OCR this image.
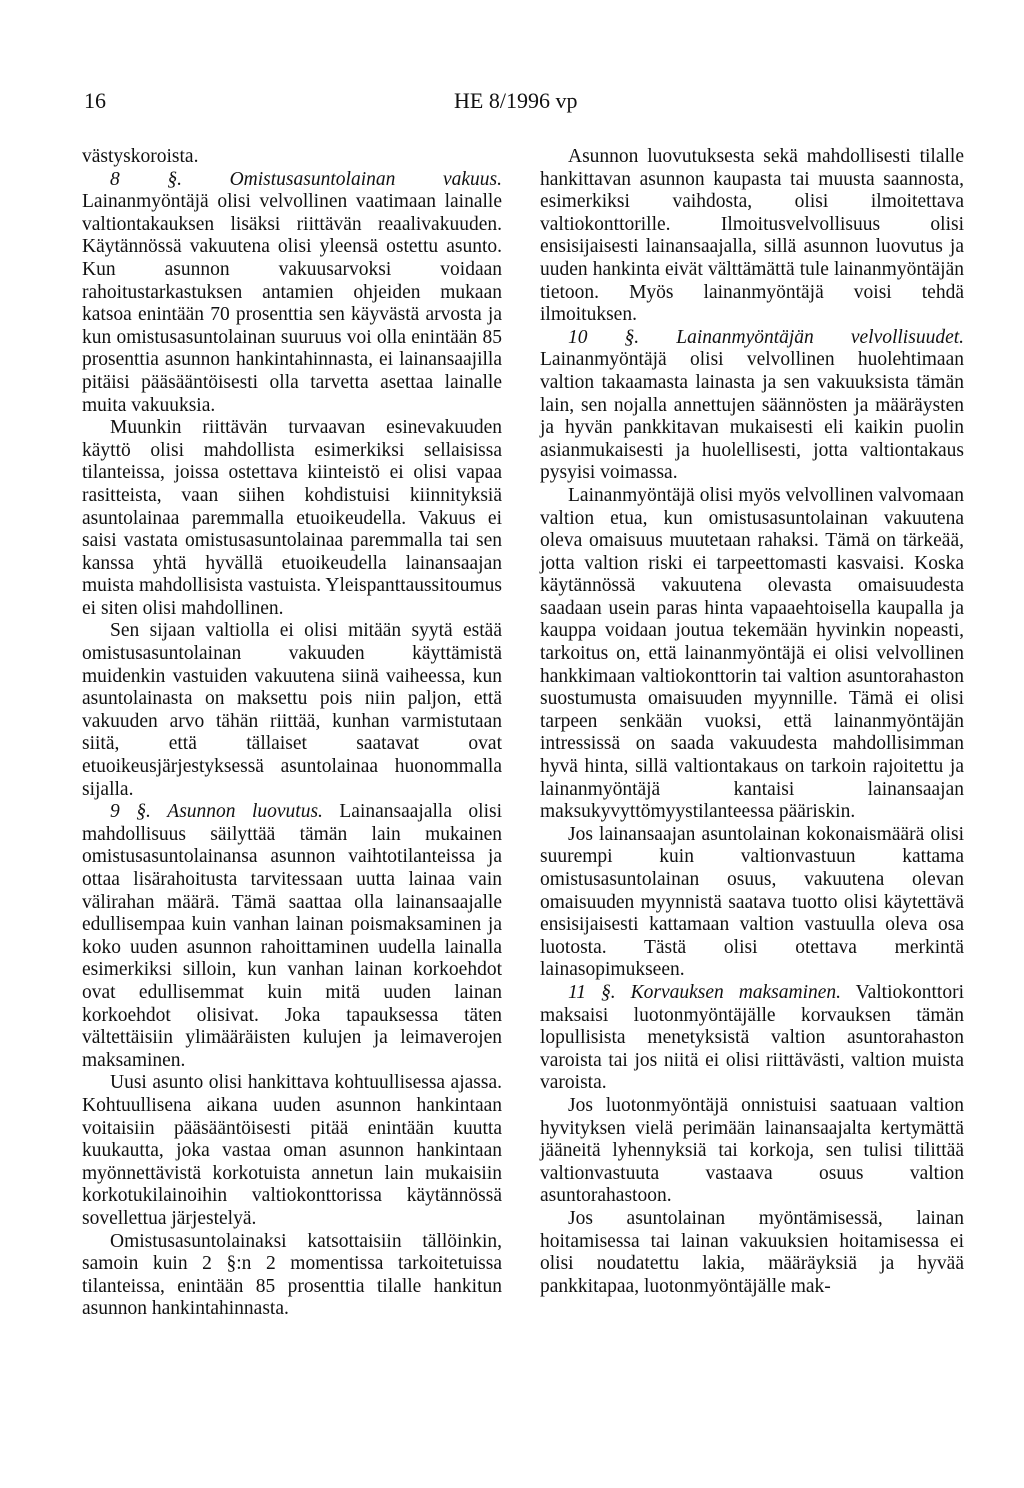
16	HE 8/1996 vp

västyskoroista.

8 §. Omistusasuntolainan vakuus. Lainanmyöntäjä olisi velvollinen vaatimaan lainalle valtiontakauksen lisäksi riittävän reaalivakuuden. Käytännössä vakuutena olisi yleensä ostettu asunto. Kun asunnon vakuusarvoksi voidaan rahoitustarkastuksen antamien ohjeiden mukaan katsoa enintään 70 prosenttia sen käyvästä arvosta ja kun omistusasuntolainan suuruus voi olla enintään 85 prosenttia asunnon hankintahinnasta, ei lainansaajilla pitäisi pääsääntöisesti olla tarvetta asettaa lainalle muita vakuuksia.

Muunkin riittävän turvaavan esinevakuuden käyttö olisi mahdollista esimerkiksi sellaisissa tilanteissa, joissa ostettava kiinteistö ei olisi vapaa rasitteista, vaan siihen kohdistuisi kiinnityksiä asuntolainaa paremmalla etuoikeudella. Vakuus ei saisi vastata omistusasuntolainaa paremmalla tai sen kanssa yhtä hyvällä etuoikeudella lainansaajan muista mahdollisista vastuista. Yleispanttaussitoumus ei siten olisi mahdollinen.

Sen sijaan valtiolla ei olisi mitään syytä estää omistusasuntolainan vakuuden käyttämistä muidenkin vastuiden vakuutena siinä vaiheessa, kun asuntolainasta on maksettu pois niin paljon, että vakuuden arvo tähän riittää, kunhan varmistutaan siitä, että tällaiset saatavat ovat etuoikeusjärjestyksessä asuntolainaa huonommalla sijalla.

9 §. Asunnon luovutus. Lainansaajalla olisi mahdollisuus säilyttää tämän lain mukainen omistusasuntolainansa asunnon vaihtotilanteissa ja ottaa lisärahoitusta tarvitessaan uutta lainaa vain välirahan määrä. Tämä saattaa olla lainansaajalle edullisempaa kuin vanhan lainan poismaksaminen ja koko uuden asunnon rahoittaminen uudella lainalla esimerkiksi silloin, kun vanhan lainan korkoehdot ovat edullisemmat kuin mitä uuden lainan korkoehdot olisivat. Joka tapauksessa täten vältettäisiin ylimääräisten kulujen ja leimaverojen maksaminen.

Uusi asunto olisi hankittava kohtuullisessa ajassa. Kohtuullisena aikana uuden asunnon hankintaan voitaisiin pääsääntöisesti pitää enintään kuutta kuukautta, joka vastaa oman asunnon hankintaan myönnettävistä korkotuista annetun lain mukaisiin korkotukilainoihin valtiokonttorissa käytännössä sovellettua järjestelyä.

Omistusasuntolainaksi katsottaisiin tällöinkin, samoin kuin 2 §:n 2 momentissa tarkoitetuissa tilanteissa, enintään 85 prosenttia tilalle hankitun asunnon hankintahinnasta.

Asunnon luovutuksesta sekä mahdollisesti tilalle hankittavan asunnon kaupasta tai muusta saannosta, esimerkiksi vaihdosta, olisi ilmoitettava valtiokonttorille. Ilmoitusvelvollisuus olisi ensisijaisesti lainansaajalla, sillä asunnon luovutus ja uuden hankinta eivät välttämättä tule lainanmyöntäjän tietoon. Myös lainanmyöntäjä voisi tehdä ilmoituksen.

10 §. Lainanmyöntäjän velvollisuudet. Lainanmyöntäjä olisi velvollinen huolehtimaan valtion takaamasta lainasta ja sen vakuuksista tämän lain, sen nojalla annettujen säännösten ja määräysten ja hyvän pankkitavan mukaisesti eli kaikin puolin asianmukaisesti ja huolellisesti, jotta valtiontakaus pysyisi voimassa.

Lainanmyöntäjä olisi myös velvollinen valvomaan valtion etua, kun omistusasuntolainan vakuutena oleva omaisuus muutetaan rahaksi. Tämä on tärkeää, jotta valtion riski ei tarpeettomasti kasvaisi. Koska käytännössä vakuutena olevasta omaisuudesta saadaan usein paras hinta vapaaehtoisella kaupalla ja kauppa voidaan joutua tekemään hyvinkin nopeasti, tarkoitus on, että lainanmyöntäjä ei olisi velvollinen hankkimaan valtiokonttorin tai valtion asuntorahaston suostumusta omaisuuden myynnille. Tämä ei olisi tarpeen senkään vuoksi, että lainanmyöntäjän intressissä on saada vakuudesta mahdollisimman hyvä hinta, sillä valtiontakaus on tarkoin rajoitettu ja lainanmyöntäjä kantaisi lainansaajan maksukyvyttömyystilanteessa pääriskin.

Jos lainansaajan asuntolainan kokonaismäärä olisi suurempi kuin valtionvastuun kattama omistusasuntolainan osuus, vakuutena olevan omaisuuden myynnistä saatava tuotto olisi käytettävä ensisijaisesti kattamaan valtion vastuulla oleva osa luotosta. Tästä olisi otettava merkintä lainasopimukseen.

11 §. Korvauksen maksaminen. Valtiokonttori maksaisi luotonmyöntäjälle korvauksen tämän lopullisista menetyksistä valtion asuntorahaston varoista tai jos niitä ei olisi riittävästi, valtion muista varoista.

Jos luotonmyöntäjä onnistuisi saatuaan valtion hyvityksen vielä perimään lainansaajalta kertymättä jääneitä lyhennyksiä tai korkoja, sen tulisi tilittää valtionvastuuta vastaava osuus valtion asuntorahastoon.

Jos asuntolainan myöntämisessä, lainan hoitamisessa tai lainan vakuuksien hoitamisessa ei olisi noudatettu lakia, määräyksiä ja hyvää pankkitapaa, luotonmyöntäjälle mak-
